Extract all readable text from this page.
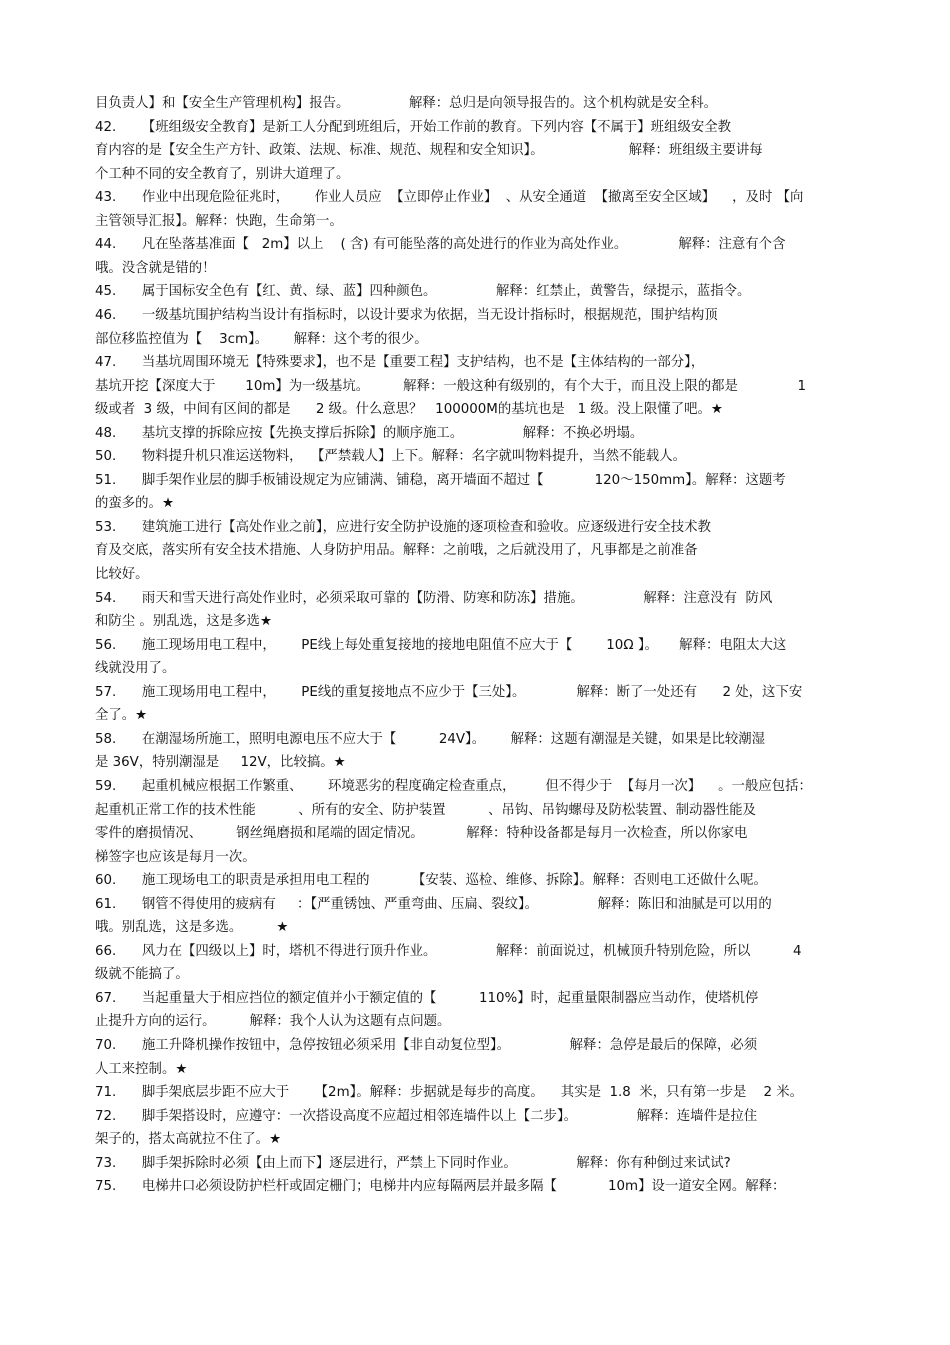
目负责人】和【安全生产管理机构】报告。              解释：总归是向领导报告的。这个机构就是安全科。
42.      【班组级安全教育】是新工人分配到班组后，开始工作前的教育。下列内容【不属于】班组级安全教
育内容的是【安全生产方针、政策、法规、标准、规范、规程和安全知识】。                    解释：班组级主要讲每
个工种不同的安全教育了，别讲大道理了。
43.      作业中出现危险征兆时，      作业人员应  【立即停止作业】  、从安全通道  【撤离至安全区域】    ，及时 【向
主管领导汇报】。解释：快跑，生命第一。
44.      凡在坠落基准面【   2m】以上    ( 含) 有可能坠落的高处进行的作业为高处作业。            解释：注意有个含
哦。没含就是错的！
45.      属于国标安全色有【红、黄、绿、蓝】四种颜色。              解释：红禁止，黄警告，绿提示，蓝指令。
46.      一级基坑围护结构当设计有指标时，以设计要求为依据，当无设计指标时，根据规范，围护结构顶
部位移监控值为【    3cm】。      解释：这个考的很少。
47.      当基坑周围环境无【特殊要求】，也不是【重要工程】支护结构，也不是【主体结构的一部分】，
基坑开挖【深度大于       10m】为一级基坑。        解释：一般这种有级别的，有个大于，而且没上限的都是              1
级或者  3 级，中间有区间的都是      2 级。什么意思？   100000M的基坑也是   1 级。没上限懂了吧。★
48.      基坑支撑的拆除应按【先换支撑后拆除】的顺序施工。              解释：不换必坍塌。
50.      物料提升机只准运送物料，  【严禁载人】上下。解释：名字就叫物料提升，当然不能载人。
51.      脚手架作业层的脚手板铺设规定为应铺满、铺稳，离开墙面不超过【            120～150mm】。解释：这题考
的蛮多的。★
53.      建筑施工进行【高处作业之前】，应进行安全防护设施的逐项检查和验收。应逐级进行安全技术教
育及交底，落实所有安全技术措施、人身防护用品。解释：之前哦，之后就没用了，凡事都是之前准备
比较好。
54.      雨天和雪天进行高处作业时，必须采取可靠的【防滑、防寒和防冻】措施。              解释：注意没有  防风
和防尘 。别乱选，这是多选★
56.      施工现场用电工程中，      PE线上每处重复接地的接地电阻值不应大于【        10Ω 】。     解释：电阻太大这
线就没用了。
57.      施工现场用电工程中，      PE线的重复接地点不应少于【三处】。            解释：断了一处还有      2 处，这下安
全了。★
58.      在潮湿场所施工，照明电源电压不应大于【          24V】。      解释：这题有潮湿是关键，如果是比较潮湿
是 36V，特别潮湿是     12V，比较搞。★
59.      起重机械应根据工作繁重、      环境恶劣的程度确定检查重点，       但不得少于  【每月一次】    。一般应包括：
起重机正常工作的技术性能          、所有的安全、防护装置          、吊钩、吊钩螺母及防松装置、制动器性能及
零件的磨损情况、        钢丝绳磨损和尾端的固定情况。          解释：特种设备都是每月一次检查，所以你家电
梯签字也应该是每月一次。
60.      施工现场电工的职责是承担用电工程的          【安装、巡检、维修、拆除】。解释：否则电工还做什么呢。
61.      钢管不得使用的疲病有     ：【严重锈蚀、严重弯曲、压扁、裂纹】。              解释：陈旧和油腻是可以用的
哦。别乱选，这是多选。        ★
66.      风力在【四级以上】时，塔机不得进行顶升作业。              解释：前面说过，机械顶升特别危险，所以          4
级就不能搞了。
67.      当起重量大于相应挡位的额定值并小于额定值的【          110%】时，起重量限制器应当动作，使塔机停
止提升方向的运行。        解释：我个人认为这题有点问题。
70.      施工升降机操作按钮中，急停按钮必须采用【非自动复位型】。              解释：急停是最后的保障，必须
人工来控制。★
71.      脚手架底层步距不应大于      【2m】。解释：步据就是每步的高度。    其实是  1.8  米，只有第一步是    2 米。
72.      脚手架搭设时，应遵守：一次搭设高度不应超过相邻连墙件以上【二步】。              解释：连墙件是拉住
架子的，搭太高就拉不住了。★
73.      脚手架拆除时必须【由上而下】逐层进行，严禁上下同时作业。              解释：你有种倒过来试试?
75.      电梯井口必须设防护栏杆或固定栅门；电梯井内应每隔两层并最多隔【            10m】设一道安全网。解释：
